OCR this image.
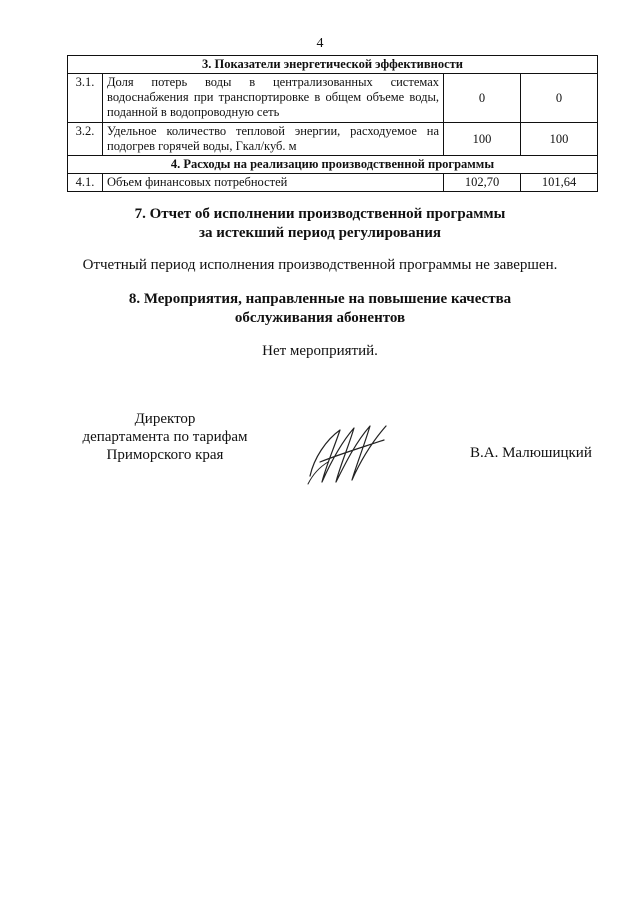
4
3. Показатели энергетической эффективности			
3.1.	Доля потерь воды в централизованных системах водоснабжения при транспортировке в общем объеме воды, поданной в водопроводную сеть	0	0
3.2.	Удельное количество тепловой энергии, расходуемое на подогрев горячей воды, Гкал/куб. м	100	100
4. Расходы на реализацию производственной программы			
4.1.	Объем финансовых потребностей	102,70	101,64
7. Отчет об исполнении производственной программы
за истекший период регулирования
Отчетный период исполнения производственной программы не завершен.
8. Мероприятия, направленные на повышение качества
обслуживания абонентов
Нет мероприятий.
Директор
департамента по тарифам
Приморского края	В.А. Малюшицкий
